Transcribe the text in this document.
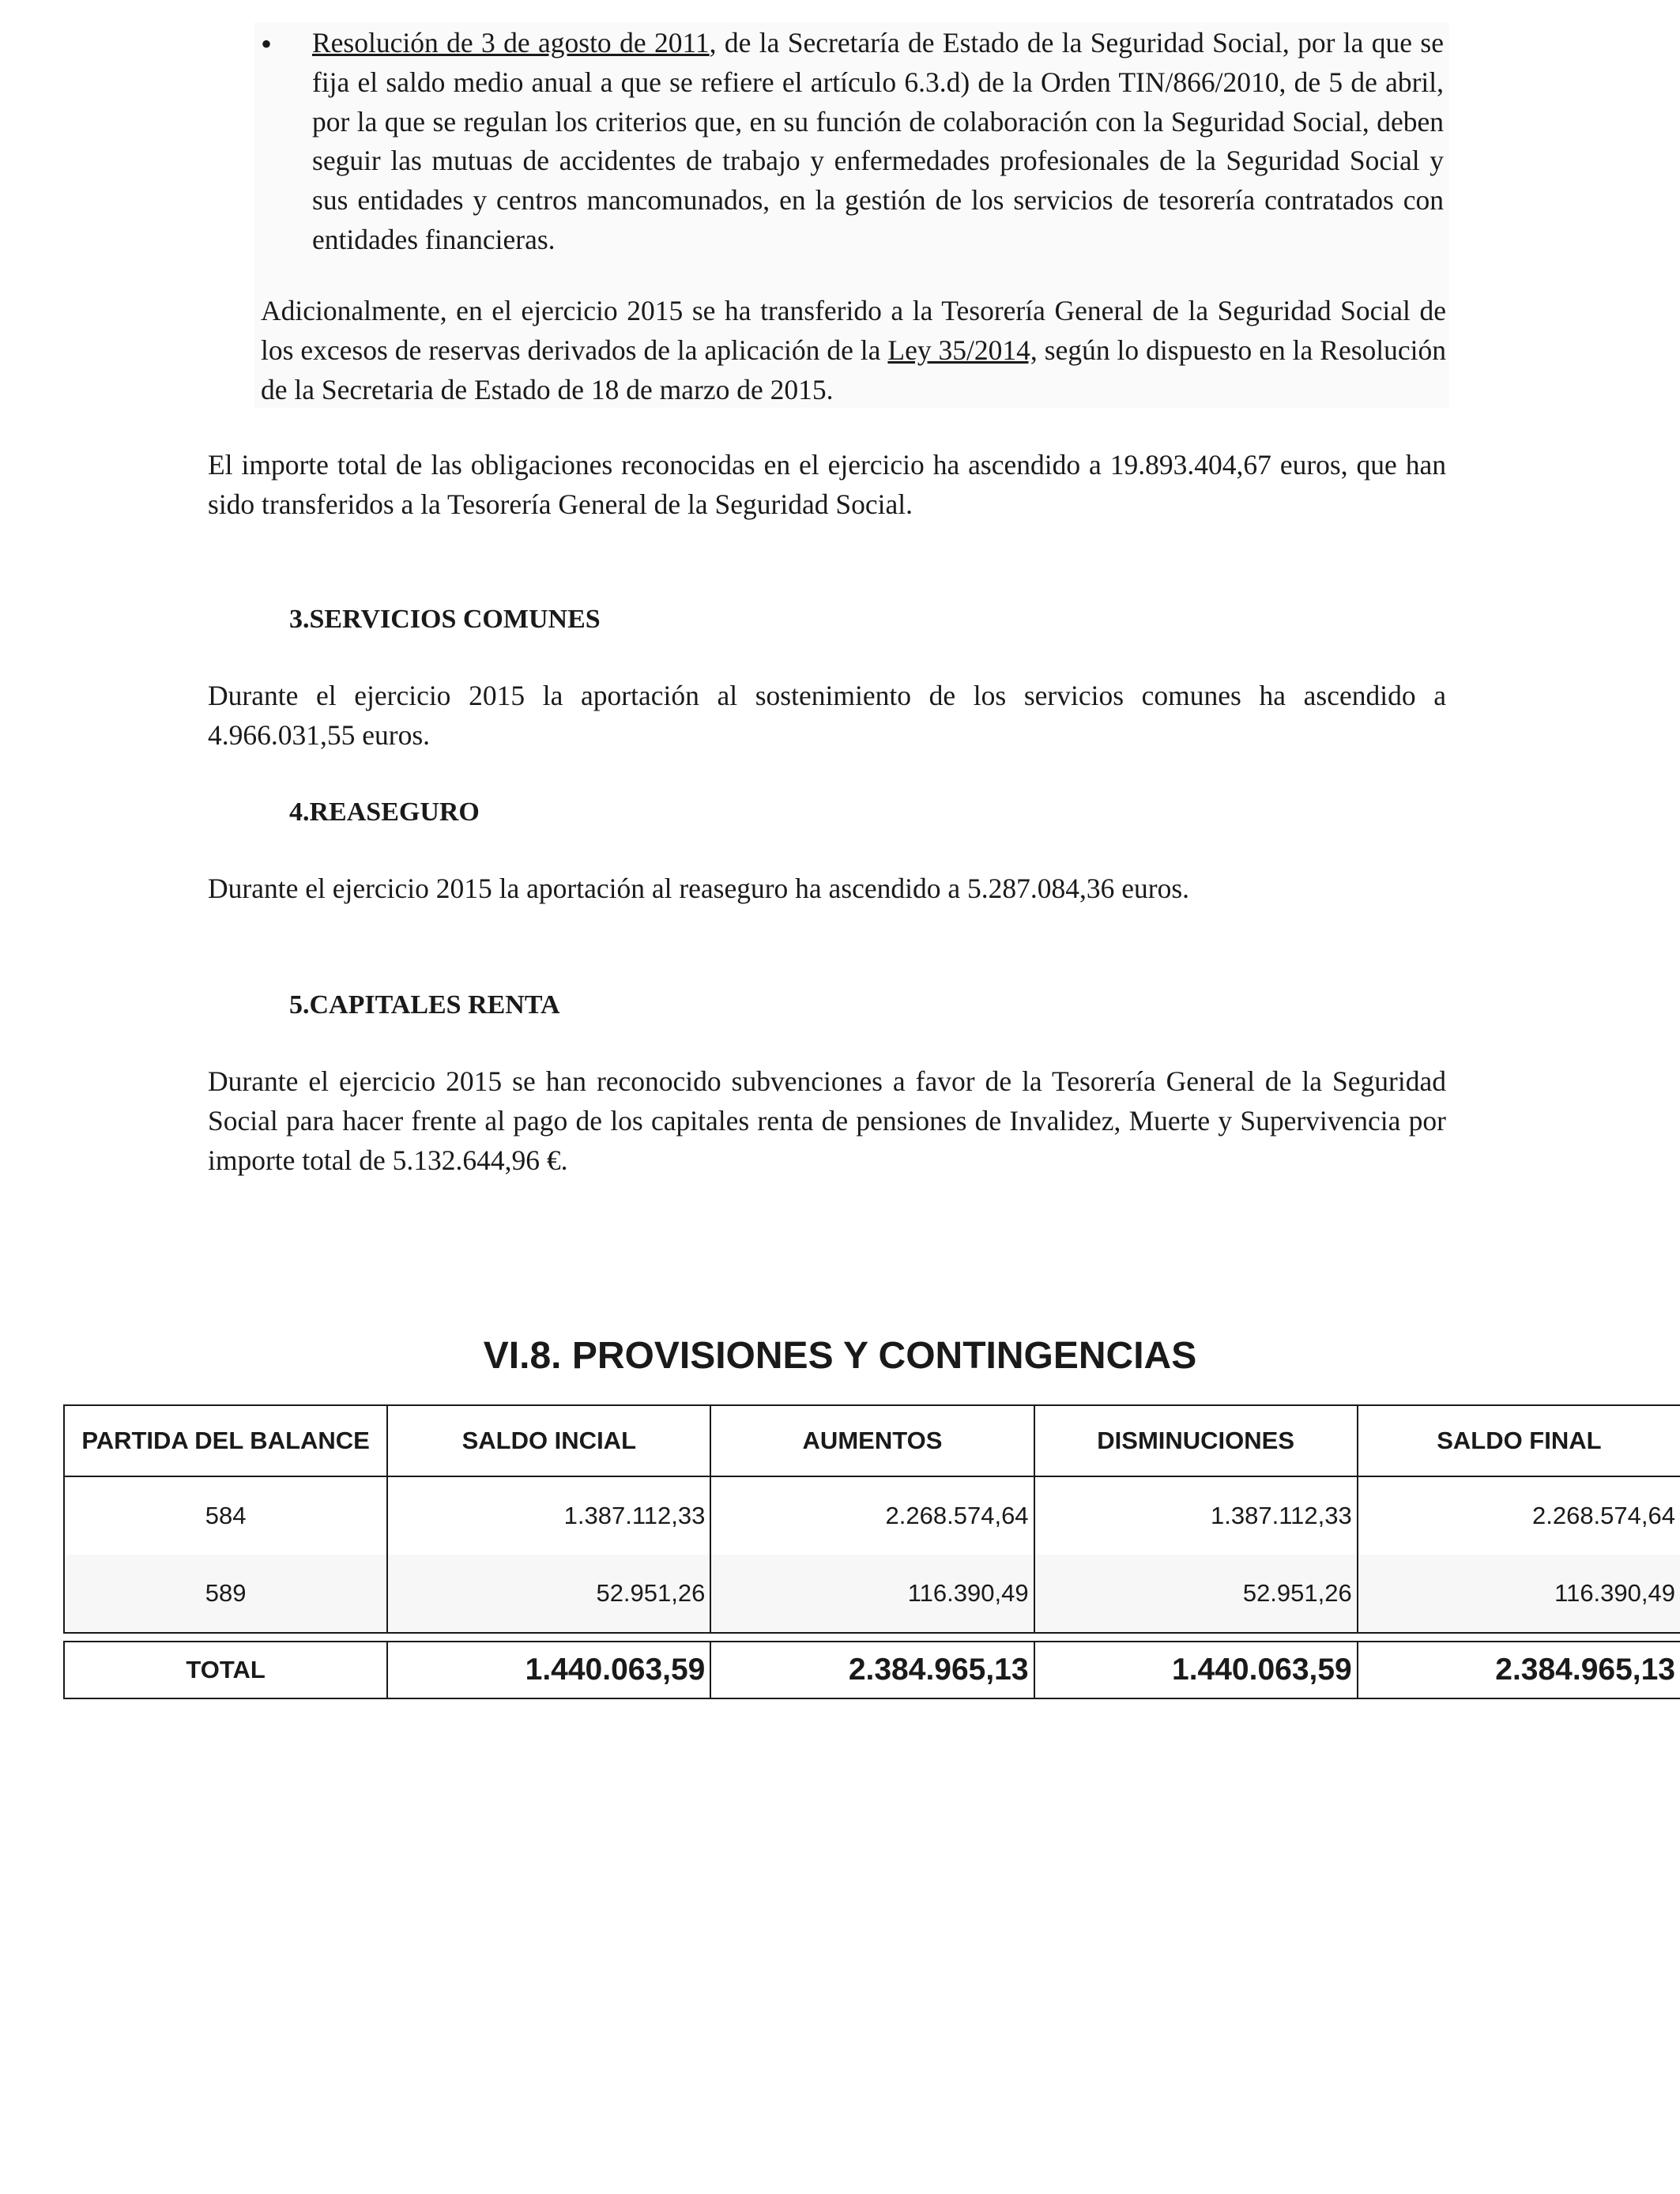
• Resolución de 3 de agosto de 2011, de la Secretaría de Estado de la Seguridad Social, por la que se fija el saldo medio anual a que se refiere el artículo 6.3.d) de la Orden TIN/866/2010, de 5 de abril, por la que se regulan los criterios que, en su función de colaboración con la Seguridad Social, deben seguir las mutuas de accidentes de trabajo y enfermedades profesionales de la Seguridad Social y sus entidades y centros mancomunados, en la gestión de los servicios de tesorería contratados con entidades financieras.

Adicionalmente, en el ejercicio 2015 se ha transferido a la Tesorería General de la Seguridad Social de los excesos de reservas derivados de la aplicación de la Ley 35/2014, según lo dispuesto en la Resolución de la Secretaria de Estado de 18 de marzo de 2015.

El importe total de las obligaciones reconocidas en el ejercicio ha ascendido a 19.893.404,67 euros, que han sido transferidos a la Tesorería General de la Seguridad Social.

3.SERVICIOS COMUNES

Durante el ejercicio 2015 la aportación al sostenimiento de los servicios comunes ha ascendido a 4.966.031,55 euros.

4.REASEGURO

Durante el ejercicio 2015 la aportación al reaseguro ha ascendido a 5.287.084,36 euros.

5.CAPITALES RENTA

Durante el ejercicio 2015 se han reconocido subvenciones a favor de la Tesorería General de la Seguridad Social para hacer frente al pago de los capitales renta de pensiones de Invalidez, Muerte y Supervivencia por importe total de 5.132.644,96 €.

VI.8. PROVISIONES Y CONTINGENCIAS
PARTIDA DEL BALANCE	SALDO INCIAL	AUMENTOS	DISMINUCIONES	SALDO FINAL
584	1.387.112,33	2.268.574,64	1.387.112,33	2.268.574,64
589	52.951,26	116.390,49	52.951,26	116.390,49
TOTAL	1.440.063,59	2.384.965,13	1.440.063,59	2.384.965,13
